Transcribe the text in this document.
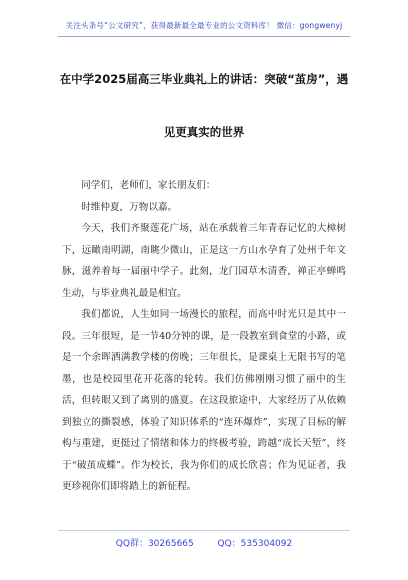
关注头条号“公文研究”，获得最新最全最专业的公文资料库！ 微信：gongwenyj
在中学2025届高三毕业典礼上的讲话：突破“茧房”，遇
见更真实的世界

同学们，老师们，家长朋友们：

时维仲夏，万物以嘉。

今天，我们齐聚莲花广场，站在承载着三年青春记忆的大樟树下，远瞰南明湖，南眺少微山，正是这一方山水孕育了处州千年文脉，滋养着每一届丽中学子。此刻，龙门园草木清香，禅正亭蝉鸣生动，与毕业典礼最是相宜。

我们都说，人生如同一场漫长的旅程，而高中时光只是其中一段。三年很短，是一节40分钟的课，是一段教室到食堂的小路，或是一个余晖洒满教学楼的傍晚；三年很长，是课桌上无限书写的笔墨，也是校园里花开花落的轮转。我们仿佛刚刚习惯了丽中的生活，但转眼又到了离别的盛夏。在这段旅途中，大家经历了从依赖到独立的撕裂感，体验了知识体系的“连环爆炸”，实现了目标的解构与重建，更挺过了情绪和体力的终极考验，跨越“成长天堑”，终于“破茧成蝶”。作为校长，我为你们的成长欣喜；作为见证者，我更珍视你们即将踏上的新征程。

QQ群：30265665	QQ：535304092
